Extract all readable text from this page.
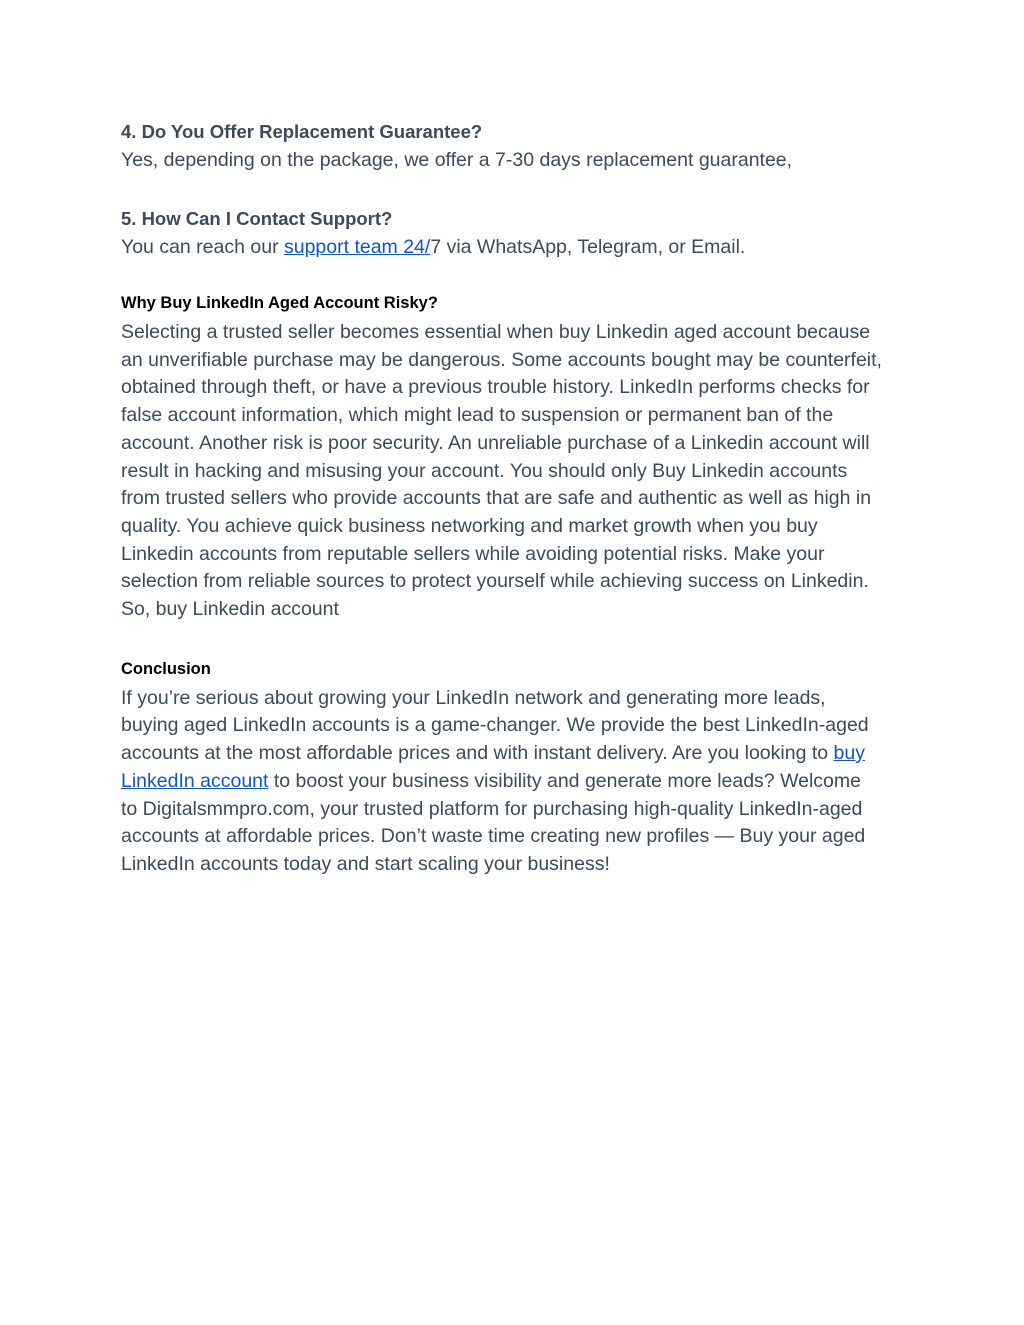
4. Do You Offer Replacement Guarantee?

Yes, depending on the package, we offer a 7-30 days replacement guarantee,

5. How Can I Contact Support?

You can reach our support team 24/7 via WhatsApp, Telegram, or Email.

Why Buy LinkedIn Aged Account Risky?

Selecting a trusted seller becomes essential when buy Linkedin aged account because
an unverifiable purchase may be dangerous. Some accounts bought may be counterfeit,
obtained through theft, or have a previous trouble history. LinkedIn performs checks for
false account information, which might lead to suspension or permanent ban of the
account. Another risk is poor security. An unreliable purchase of a Linkedin account will
result in hacking and misusing your account. You should only Buy Linkedin accounts
from trusted sellers who provide accounts that are safe and authentic as well as high in
quality. You achieve quick business networking and market growth when you buy
Linkedin accounts from reputable sellers while avoiding potential risks. Make your
selection from reliable sources to protect yourself while achieving success on Linkedin.
So, buy Linkedin account

Conclusion

If you’re serious about growing your LinkedIn network and generating more leads,
buying aged LinkedIn accounts is a game-changer. We provide the best LinkedIn-aged
accounts at the most affordable prices and with instant delivery. Are you looking to buy
LinkedIn account to boost your business visibility and generate more leads? Welcome
to Digitalsmmpro.com, your trusted platform for purchasing high-quality LinkedIn-aged
accounts at affordable prices. Don’t waste time creating new profiles — Buy your aged
LinkedIn accounts today and start scaling your business!
